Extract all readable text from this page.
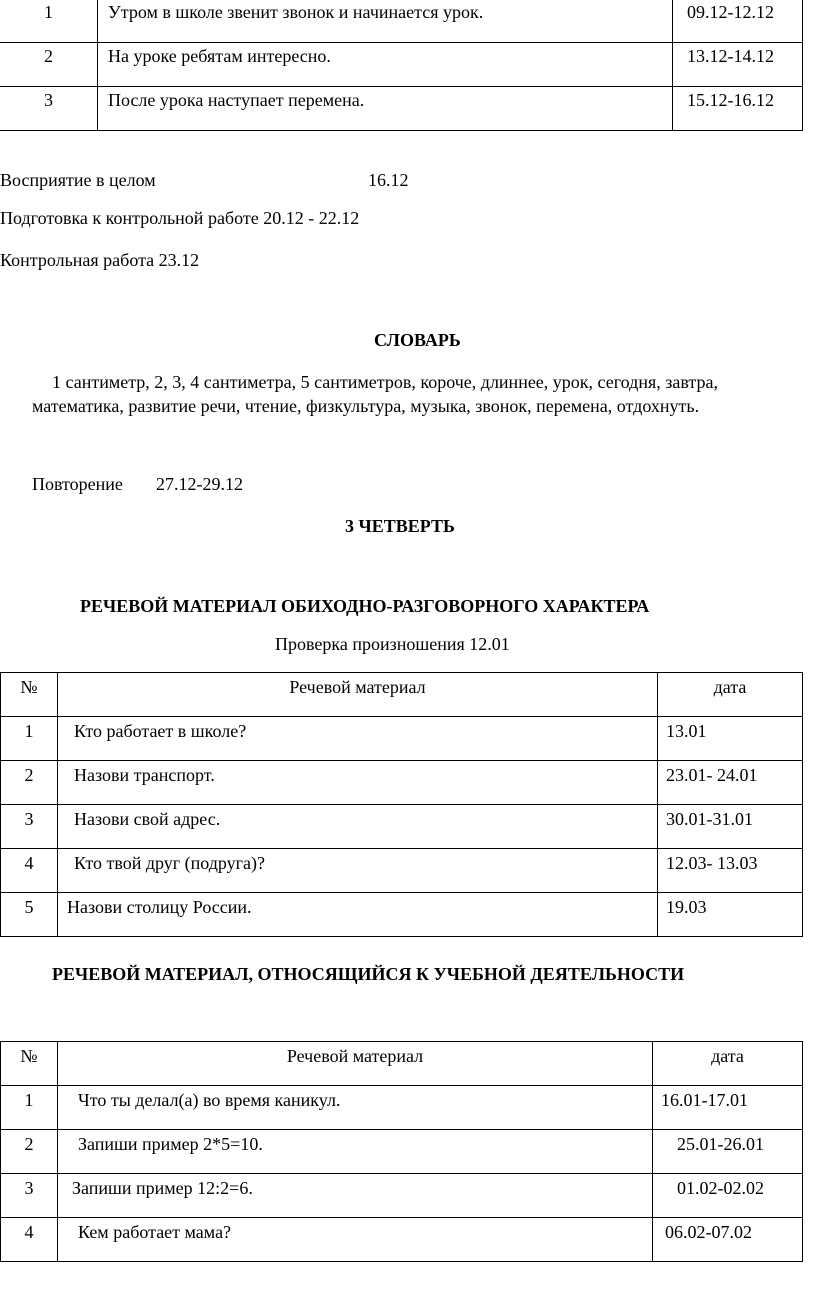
1	Утром в школе звенит звонок и начинается урок.	09.12-12.12
2	На уроке ребятам интересно.	13.12-14.12
3	После урока наступает перемена.	15.12-16.12
Восприятие в целом	16.12
Подготовка к контрольной работе 20.12 - 22.12
Контрольная работа 23.12
СЛОВАРЬ
1 сантиметр, 2, 3, 4 сантиметра, 5 сантиметров, короче, длиннее, урок, сегодня, завтра,
математика, развитие речи, чтение, физкультура, музыка, звонок, перемена, отдохнуть.
Повторение 27.12-29.12
3 ЧЕТВЕРТЬ
РЕЧЕВОЙ МАТЕРИАЛ ОБИХОДНО-РАЗГОВОРНОГО ХАРАКТЕРА
Проверка произношения 12.01
№	Речевой материал	дата
1	Кто работает в школе?	13.01
2	Назови транспорт.	23.01- 24.01
3	Назови свой адрес.	30.01-31.01
4	Кто твой друг (подруга)?	12.03- 13.03
5	Назови столицу России.	19.03
РЕЧЕВОЙ МАТЕРИАЛ, ОТНОСЯЩИЙСЯ К УЧЕБНОЙ ДЕЯТЕЛЬНОСТИ
№	Речевой материал	дата
1	Что ты делал(а) во время каникул.	16.01-17.01
2	Запиши пример 2*5=10.	25.01-26.01
3	Запиши пример 12:2=6.	01.02-02.02
4	Кем работает мама?	06.02-07.02
